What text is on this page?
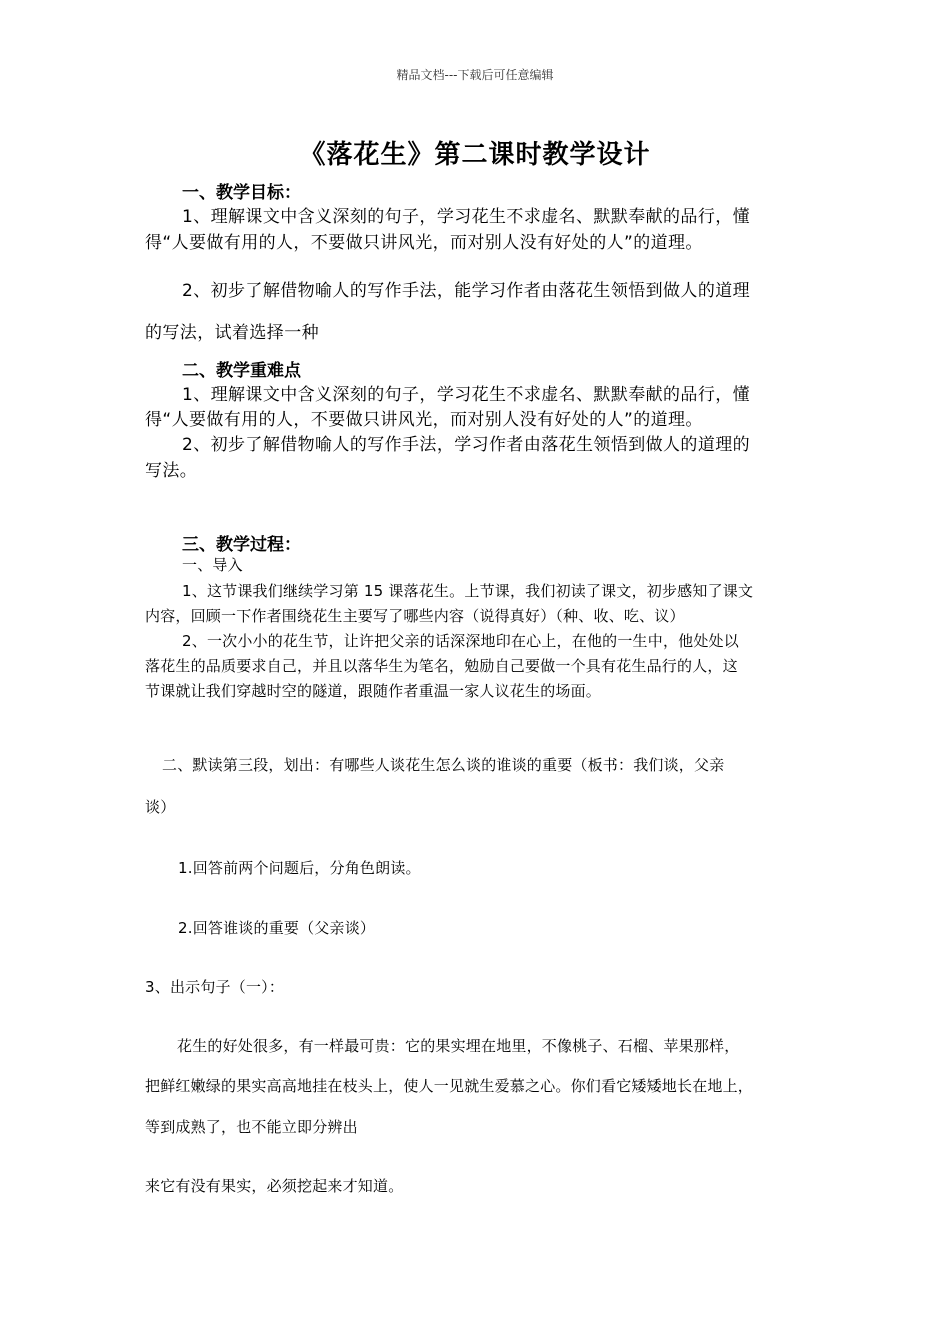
精品文档---下载后可任意编辑

《落花生》第二课时教学设计

一、教学目标：

1、理解课文中含义深刻的句子，学习花生不求虚名、默默奉献的品行，懂

得“人要做有用的人，不要做只讲风光，而对别人没有好处的人”的道理。

2、初步了解借物喻人的写作手法，能学习作者由落花生领悟到做人的道理

的写法，试着选择一种

二、教学重难点

1、理解课文中含义深刻的句子，学习花生不求虚名、默默奉献的品行，懂

得“人要做有用的人，不要做只讲风光，而对别人没有好处的人”的道理。

2、初步了解借物喻人的写作手法，学习作者由落花生领悟到做人的道理的

写法。

三、教学过程：

一、导入

1、这节课我们继续学习第 15 课落花生。上节课，我们初读了课文，初步感知了课文

内容，回顾一下作者围绕花生主要写了哪些内容（说得真好）（种、收、吃、议）

2、一次小小的花生节，让许把父亲的话深深地印在心上，在他的一生中，他处处以

落花生的品质要求自己，并且以落华生为笔名，勉励自己要做一个具有花生品行的人，这

节课就让我们穿越时空的隧道，跟随作者重温一家人议花生的场面。

二、默读第三段，划出：有哪些人谈花生怎么谈的谁谈的重要（板书：我们谈，父亲

谈）

1.回答前两个问题后，分角色朗读。

2.回答谁谈的重要（父亲谈）

3、出示句子（一）：

花生的好处很多，有一样最可贵：它的果实埋在地里，不像桃子、石榴、苹果那样，

把鲜红嫩绿的果实高高地挂在枝头上，使人一见就生爱慕之心。你们看它矮矮地长在地上，

等到成熟了，也不能立即分辨出

来它有没有果实，必须挖起来才知道。
